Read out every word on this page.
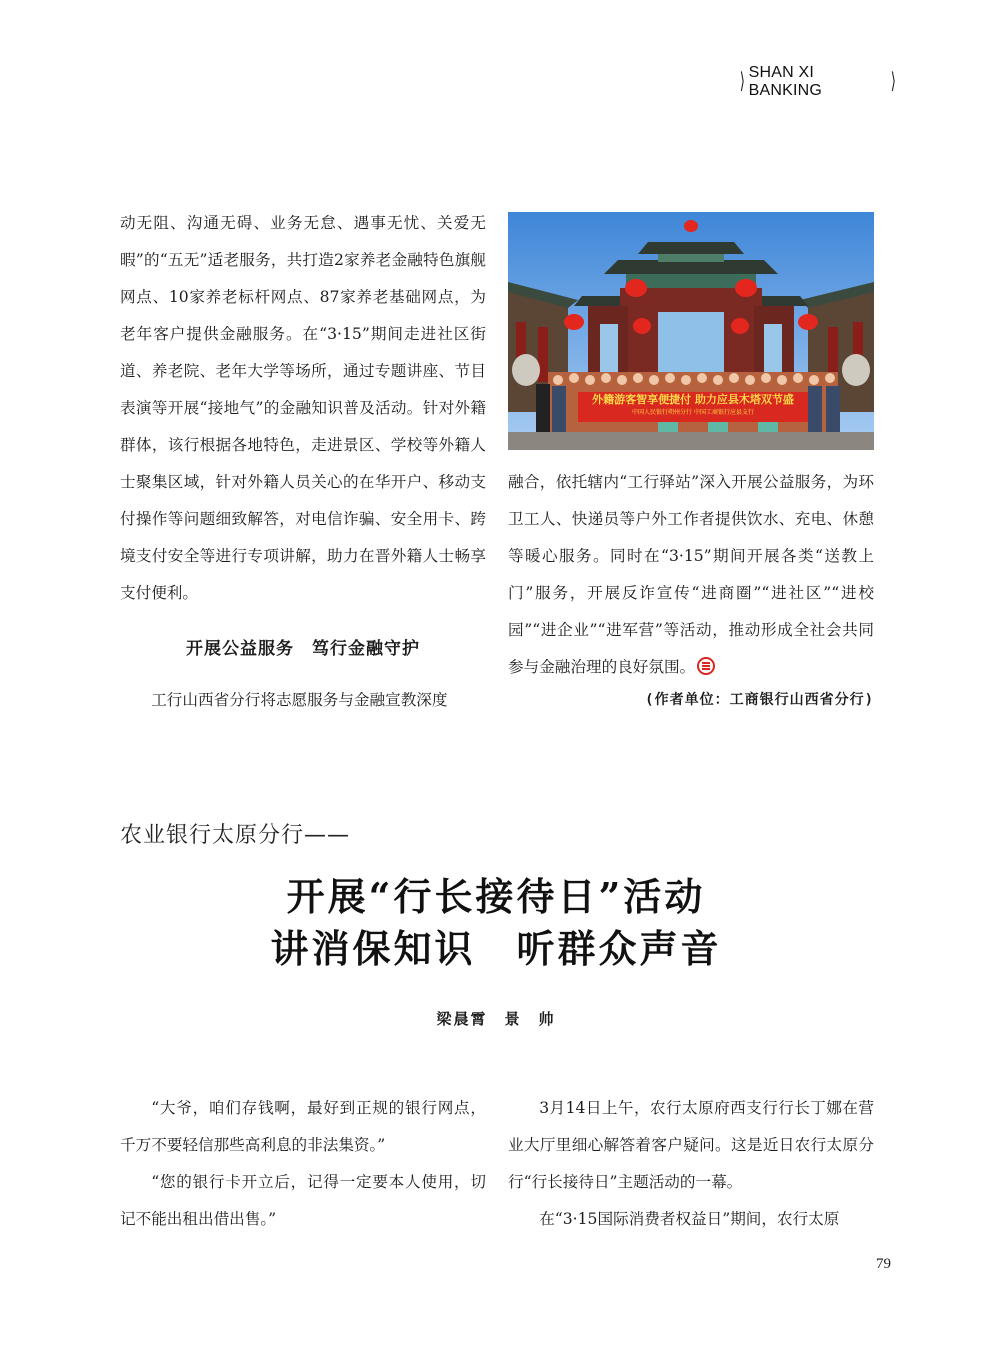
⟩ SHAN XI BANKING	⟩

动无阻、沟通无碍、业务无怠、遇事无忧、关爱无暇”的“五无”适老服务，共打造2家养老金融特色旗舰网点、10家养老标杆网点、87家养老基础网点，为老年客户提供金融服务。在“3·15”期间走进社区街道、养老院、老年大学等场所，通过专题讲座、节目表演等开展“接地气”的金融知识普及活动。针对外籍群体，该行根据各地特色，走进景区、学校等外籍人士聚集区域，针对外籍人员关心的在华开户、移动支付操作等问题细致解答，对电信诈骗、安全用卡、跨境支付安全等进行专项讲解，助力在晋外籍人士畅享支付便利。

开展公益服务　笃行金融守护

工行山西省分行将志愿服务与金融宣教深度

外籍游客智享便捷付 助力应县木塔双节盛
中国人民银行朔州分行 中国工商银行应县支行

融合，依托辖内“工行驿站”深入开展公益服务，为环卫工人、快递员等户外工作者提供饮水、充电、休憩等暖心服务。同时在“3·15”期间开展各类“送教上门”服务，开展反诈宣传“进商圈”“进社区”“进校园”“进企业”“进军营”等活动，推动形成全社会共同参与金融治理的良好氛围。

(作者单位：工商银行山西省分行)
农业银行太原分行——
开展“行长接待日”活动
讲消保知识　听群众声音
梁晨霄　景　帅

“大爷，咱们存钱啊，最好到正规的银行网点，千万不要轻信那些高利息的非法集资。”

“您的银行卡开立后，记得一定要本人使用，切记不能出租出借出售。”

3月14日上午，农行太原府西支行行长丁娜在营业大厅里细心解答着客户疑问。这是近日农行太原分行“行长接待日”主题活动的一幕。

在“3·15国际消费者权益日”期间，农行太原

79
